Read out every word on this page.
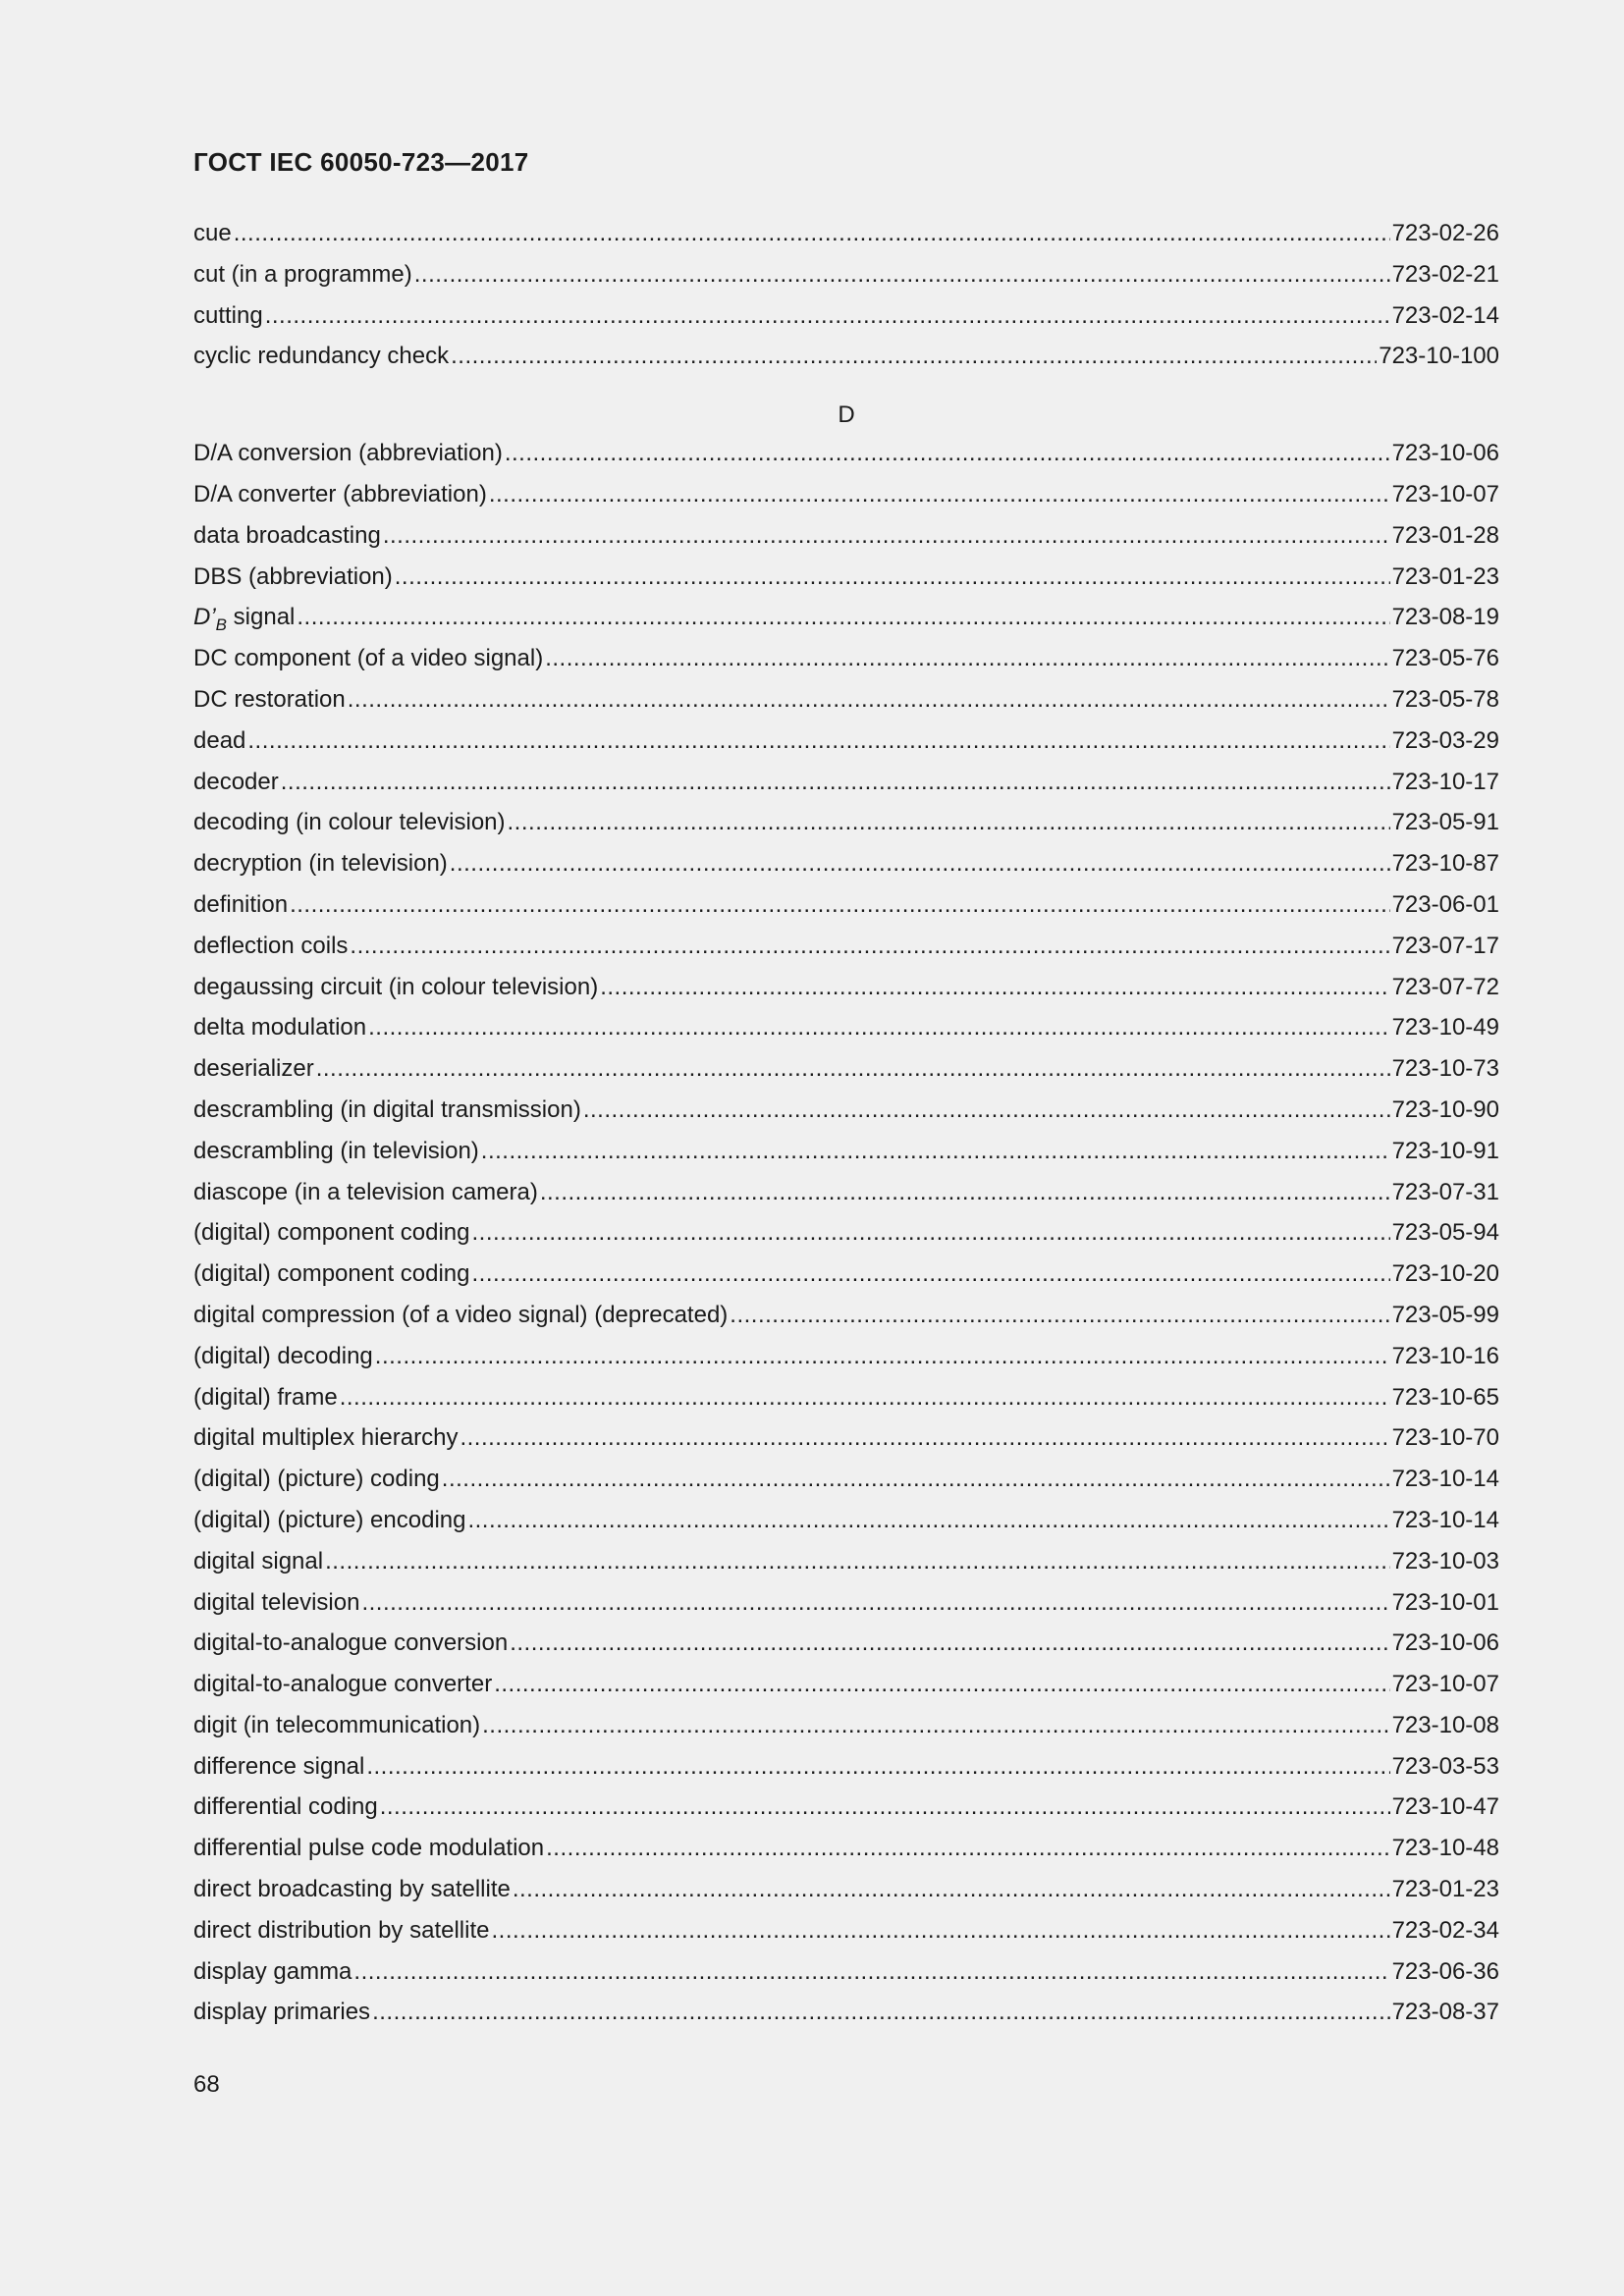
ГОСТ IEC 60050-723—2017
cue .....	723-02-26
cut (in a programme) .....	723-02-21
cutting .....	723-02-14
cyclic redundancy check .....	723-10-100
D
D/A conversion (abbreviation) .....	723-10-06
D/A converter (abbreviation) .....	723-10-07
data broadcasting .....	723-01-28
DBS (abbreviation) .....	723-01-23
$D’_B$ signal .....	723-08-19
DC component (of a video signal) .....	723-05-76
DC restoration .....	723-05-78
dead .....	723-03-29
decoder .....	723-10-17
decoding (in colour television) .....	723-05-91
decryption (in television) .....	723-10-87
definition .....	723-06-01
deflection coils .....	723-07-17
degaussing circuit (in colour television) .....	723-07-72
delta modulation .....	723-10-49
deserializer .....	723-10-73
descrambling (in digital transmission) .....	723-10-90
descrambling (in television) .....	723-10-91
diascope (in a television camera) .....	723-07-31
(digital) component coding .....	723-05-94
(digital) component coding .....	723-10-20
digital compression (of a video signal) (deprecated) .....	723-05-99
(digital) decoding .....	723-10-16
(digital) frame .....	723-10-65
digital multiplex hierarchy .....	723-10-70
(digital) (picture) coding .....	723-10-14
(digital) (picture) encoding .....	723-10-14
digital signal .....	723-10-03
digital television .....	723-10-01
digital-to-analogue conversion .....	723-10-06
digital-to-analogue converter .....	723-10-07
digit (in telecommunication) .....	723-10-08
difference signal .....	723-03-53
differential coding .....	723-10-47
differential pulse code modulation .....	723-10-48
direct broadcasting by satellite .....	723-01-23
direct distribution by satellite .....	723-02-34
display gamma .....	723-06-36
display primaries .....	723-08-37
68
